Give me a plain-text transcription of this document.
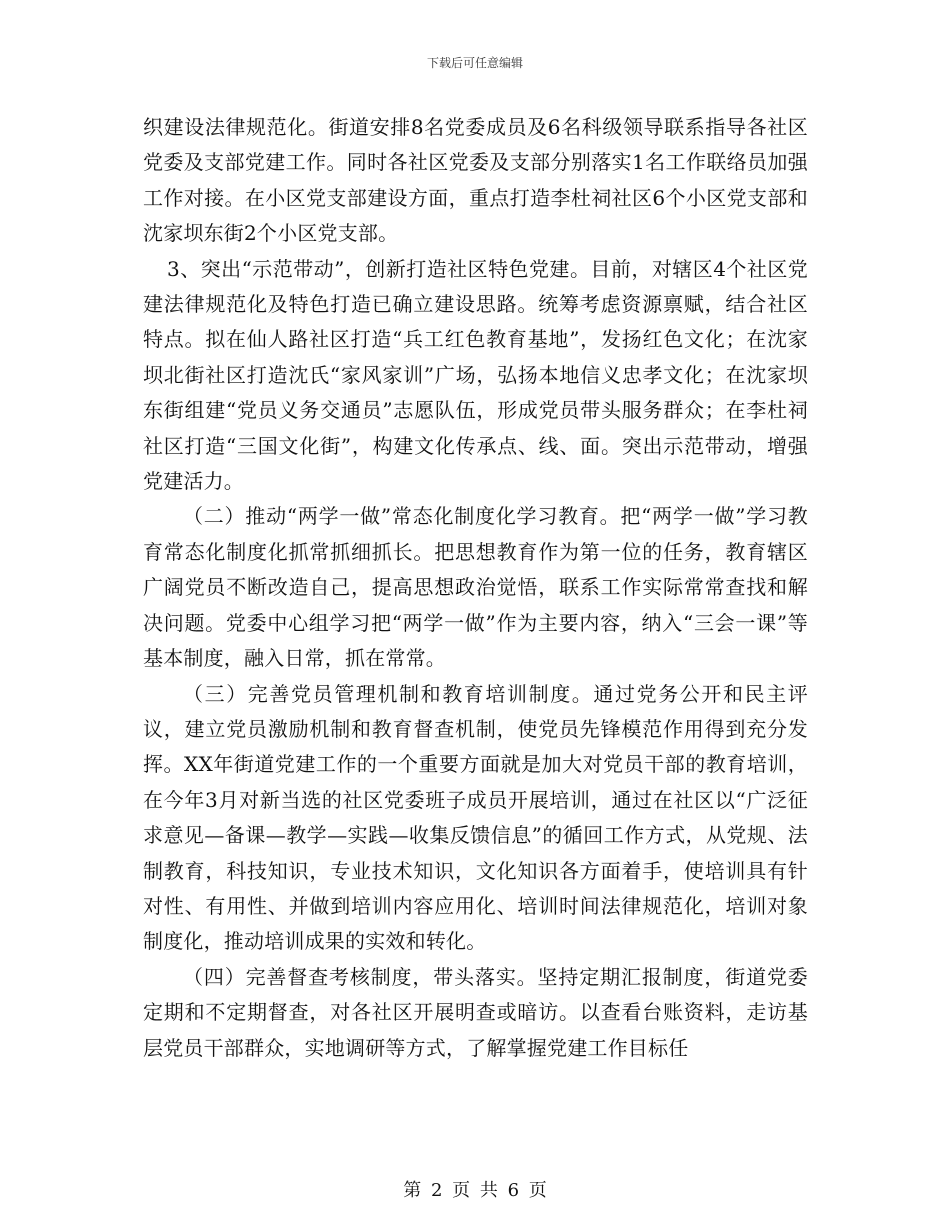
下载后可任意编辑

织建设法律规范化。街道安排8名党委成员及6名科级领导联系指导各社区党委及支部党建工作。同时各社区党委及支部分别落实1名工作联络员加强工作对接。在小区党支部建设方面，重点打造李杜祠社区6个小区党支部和沈家坝东街2个小区党支部。

3、突出“示范带动”，创新打造社区特色党建。目前，对辖区4个社区党建法律规范化及特色打造已确立建设思路。统筹考虑资源禀赋，结合社区特点。拟在仙人路社区打造“兵工红色教育基地”，发扬红色文化；在沈家坝北街社区打造沈氏“家风家训”广场，弘扬本地信义忠孝文化；在沈家坝东街组建“党员义务交通员”志愿队伍，形成党员带头服务群众；在李杜祠社区打造“三国文化街”，构建文化传承点、线、面。突出示范带动，增强党建活力。

（二）推动“两学一做”常态化制度化学习教育。把“两学一做”学习教育常态化制度化抓常抓细抓长。把思想教育作为第一位的任务，教育辖区广阔党员不断改造自己，提高思想政治觉悟，联系工作实际常常查找和解决问题。党委中心组学习把“两学一做”作为主要内容，纳入“三会一课”等基本制度，融入日常，抓在常常。

（三）完善党员管理机制和教育培训制度。通过党务公开和民主评议，建立党员激励机制和教育督查机制，使党员先锋模范作用得到充分发挥。XX年街道党建工作的一个重要方面就是加大对党员干部的教育培训，在今年3月对新当选的社区党委班子成员开展培训，通过在社区以“广泛征求意见—备课—教学—实践—收集反馈信息”的循回工作方式，从党规、法制教育，科技知识，专业技术知识，文化知识各方面着手，使培训具有针对性、有用性、并做到培训内容应用化、培训时间法律规范化，培训对象制度化，推动培训成果的实效和转化。

（四）完善督查考核制度，带头落实。坚持定期汇报制度，街道党委定期和不定期督查，对各社区开展明查或暗访。以查看台账资料，走访基层党员干部群众，实地调研等方式，了解掌握党建工作目标任

第 2 页 共 6 页
